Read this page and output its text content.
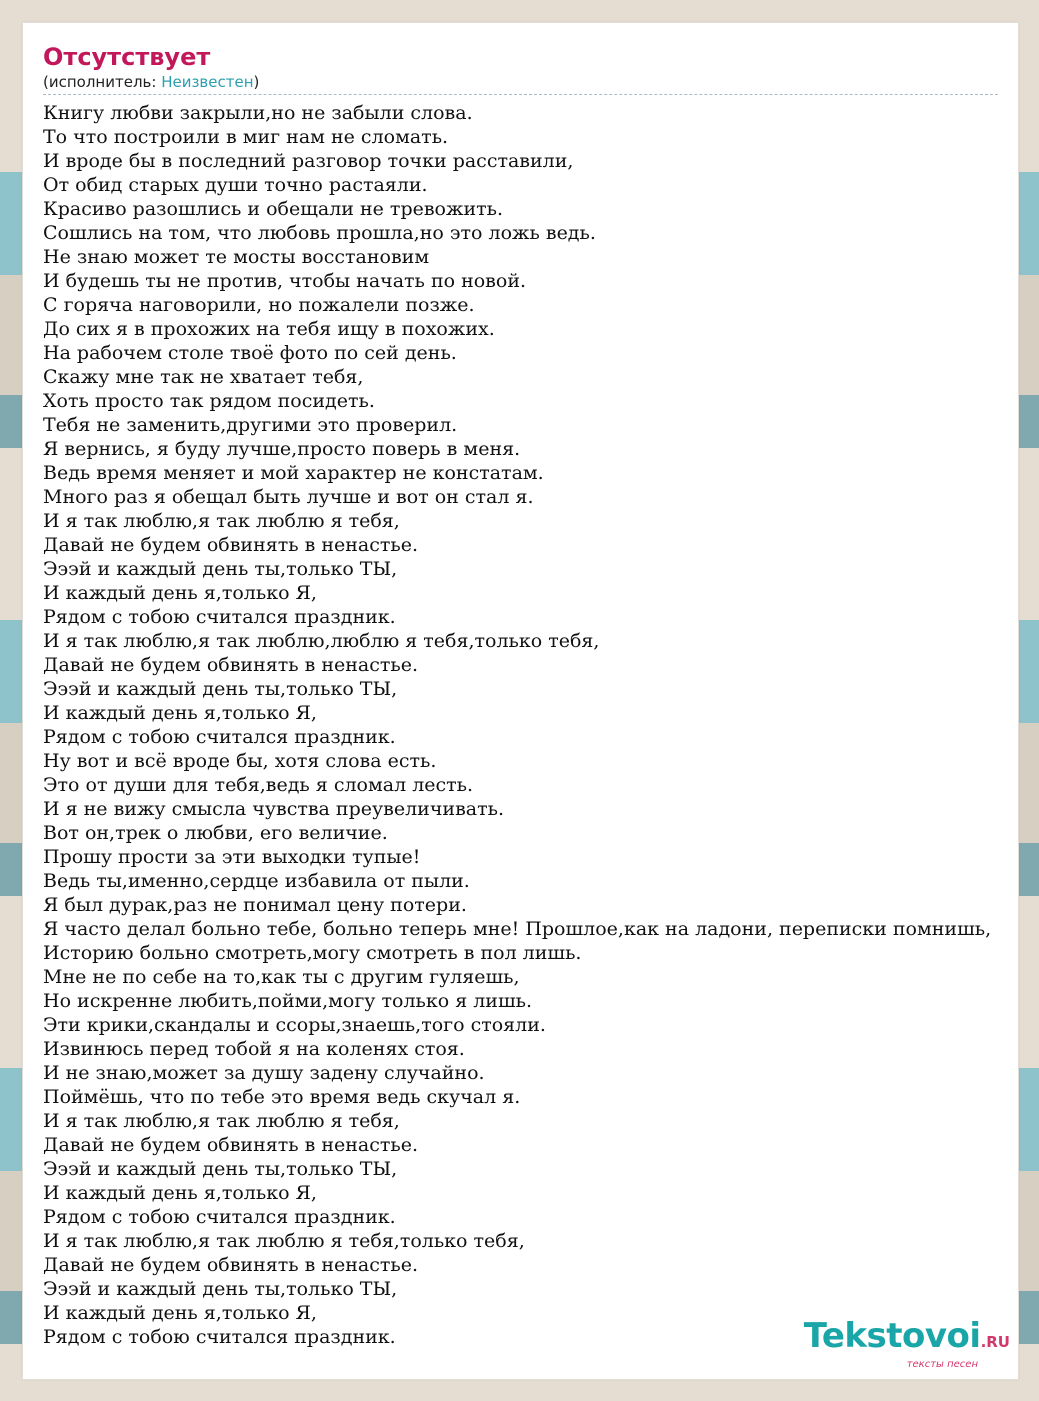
Отсутствует
(исполнитель: Неизвестен)
Книгу любви закрыли,но не забыли слова.
То что построили в миг нам не сломать.
И вроде бы в последний разговор точки расставили,
От обид старых души точно растаяли.
Красиво разошлись и обещали не тревожить.
Сошлись на том, что любовь прошла,но это ложь ведь.
Не знаю может те мосты восстановим
И будешь ты не против, чтобы начать по новой.
С горяча наговорили, но пожалели позже.
До сих я в прохожих на тебя ищу в похожих.
На рабочем столе твоё фото по сей день.
Скажу мне так не хватает тебя,
Хоть просто так рядом посидеть.
Тебя не заменить,другими это проверил.
Я вернись, я буду лучше,просто поверь в меня.
Ведь время меняет и мой характер не констатам.
Много раз я обещал быть лучше и вот он стал я.
И я так люблю,я так люблю я тебя,
Давай не будем обвинять в ненастье.
Эээй и каждый день ты,только ТЫ,
И каждый день я,только Я,
Рядом с тобою считался праздник.
И я так люблю,я так люблю,люблю я тебя,только тебя,
Давай не будем обвинять в ненастье.
Эээй и каждый день ты,только ТЫ,
И каждый день я,только Я,
Рядом с тобою считался праздник.
Ну вот и всё вроде бы, хотя слова есть.
Это от души для тебя,ведь я сломал лесть.
И я не вижу смысла чувства преувеличивать.
Вот он,трек о любви, его величие.
Прошу прости за эти выходки тупые!
Ведь ты,именно,сердце избавила от пыли.
Я был дурак,раз не понимал цену потери.
Я часто делал больно тебе, больно теперь мне! Прошлое,как на ладони, переписки помнишь,
Историю больно смотреть,могу смотреть в пол лишь.
Мне не по себе на то,как ты с другим гуляешь,
Но искренне любить,пойми,могу только я лишь.
Эти крики,скандалы и ссоры,знаешь,того стояли.
Извинюсь перед тобой я на коленях стоя.
И не знаю,может за душу задену случайно.
Поймёшь, что по тебе это время ведь скучал я.
И я так люблю,я так люблю я тебя,
Давай не будем обвинять в ненастье.
Эээй и каждый день ты,только ТЫ,
И каждый день я,только Я,
Рядом с тобою считался праздник.
И я так люблю,я так люблю я тебя,только тебя,
Давай не будем обвинять в ненастье.
Эээй и каждый день ты,только ТЫ,
И каждый день я,только Я,
Рядом с тобою считался праздник.	Tekstovoi.RU
тексты песен
